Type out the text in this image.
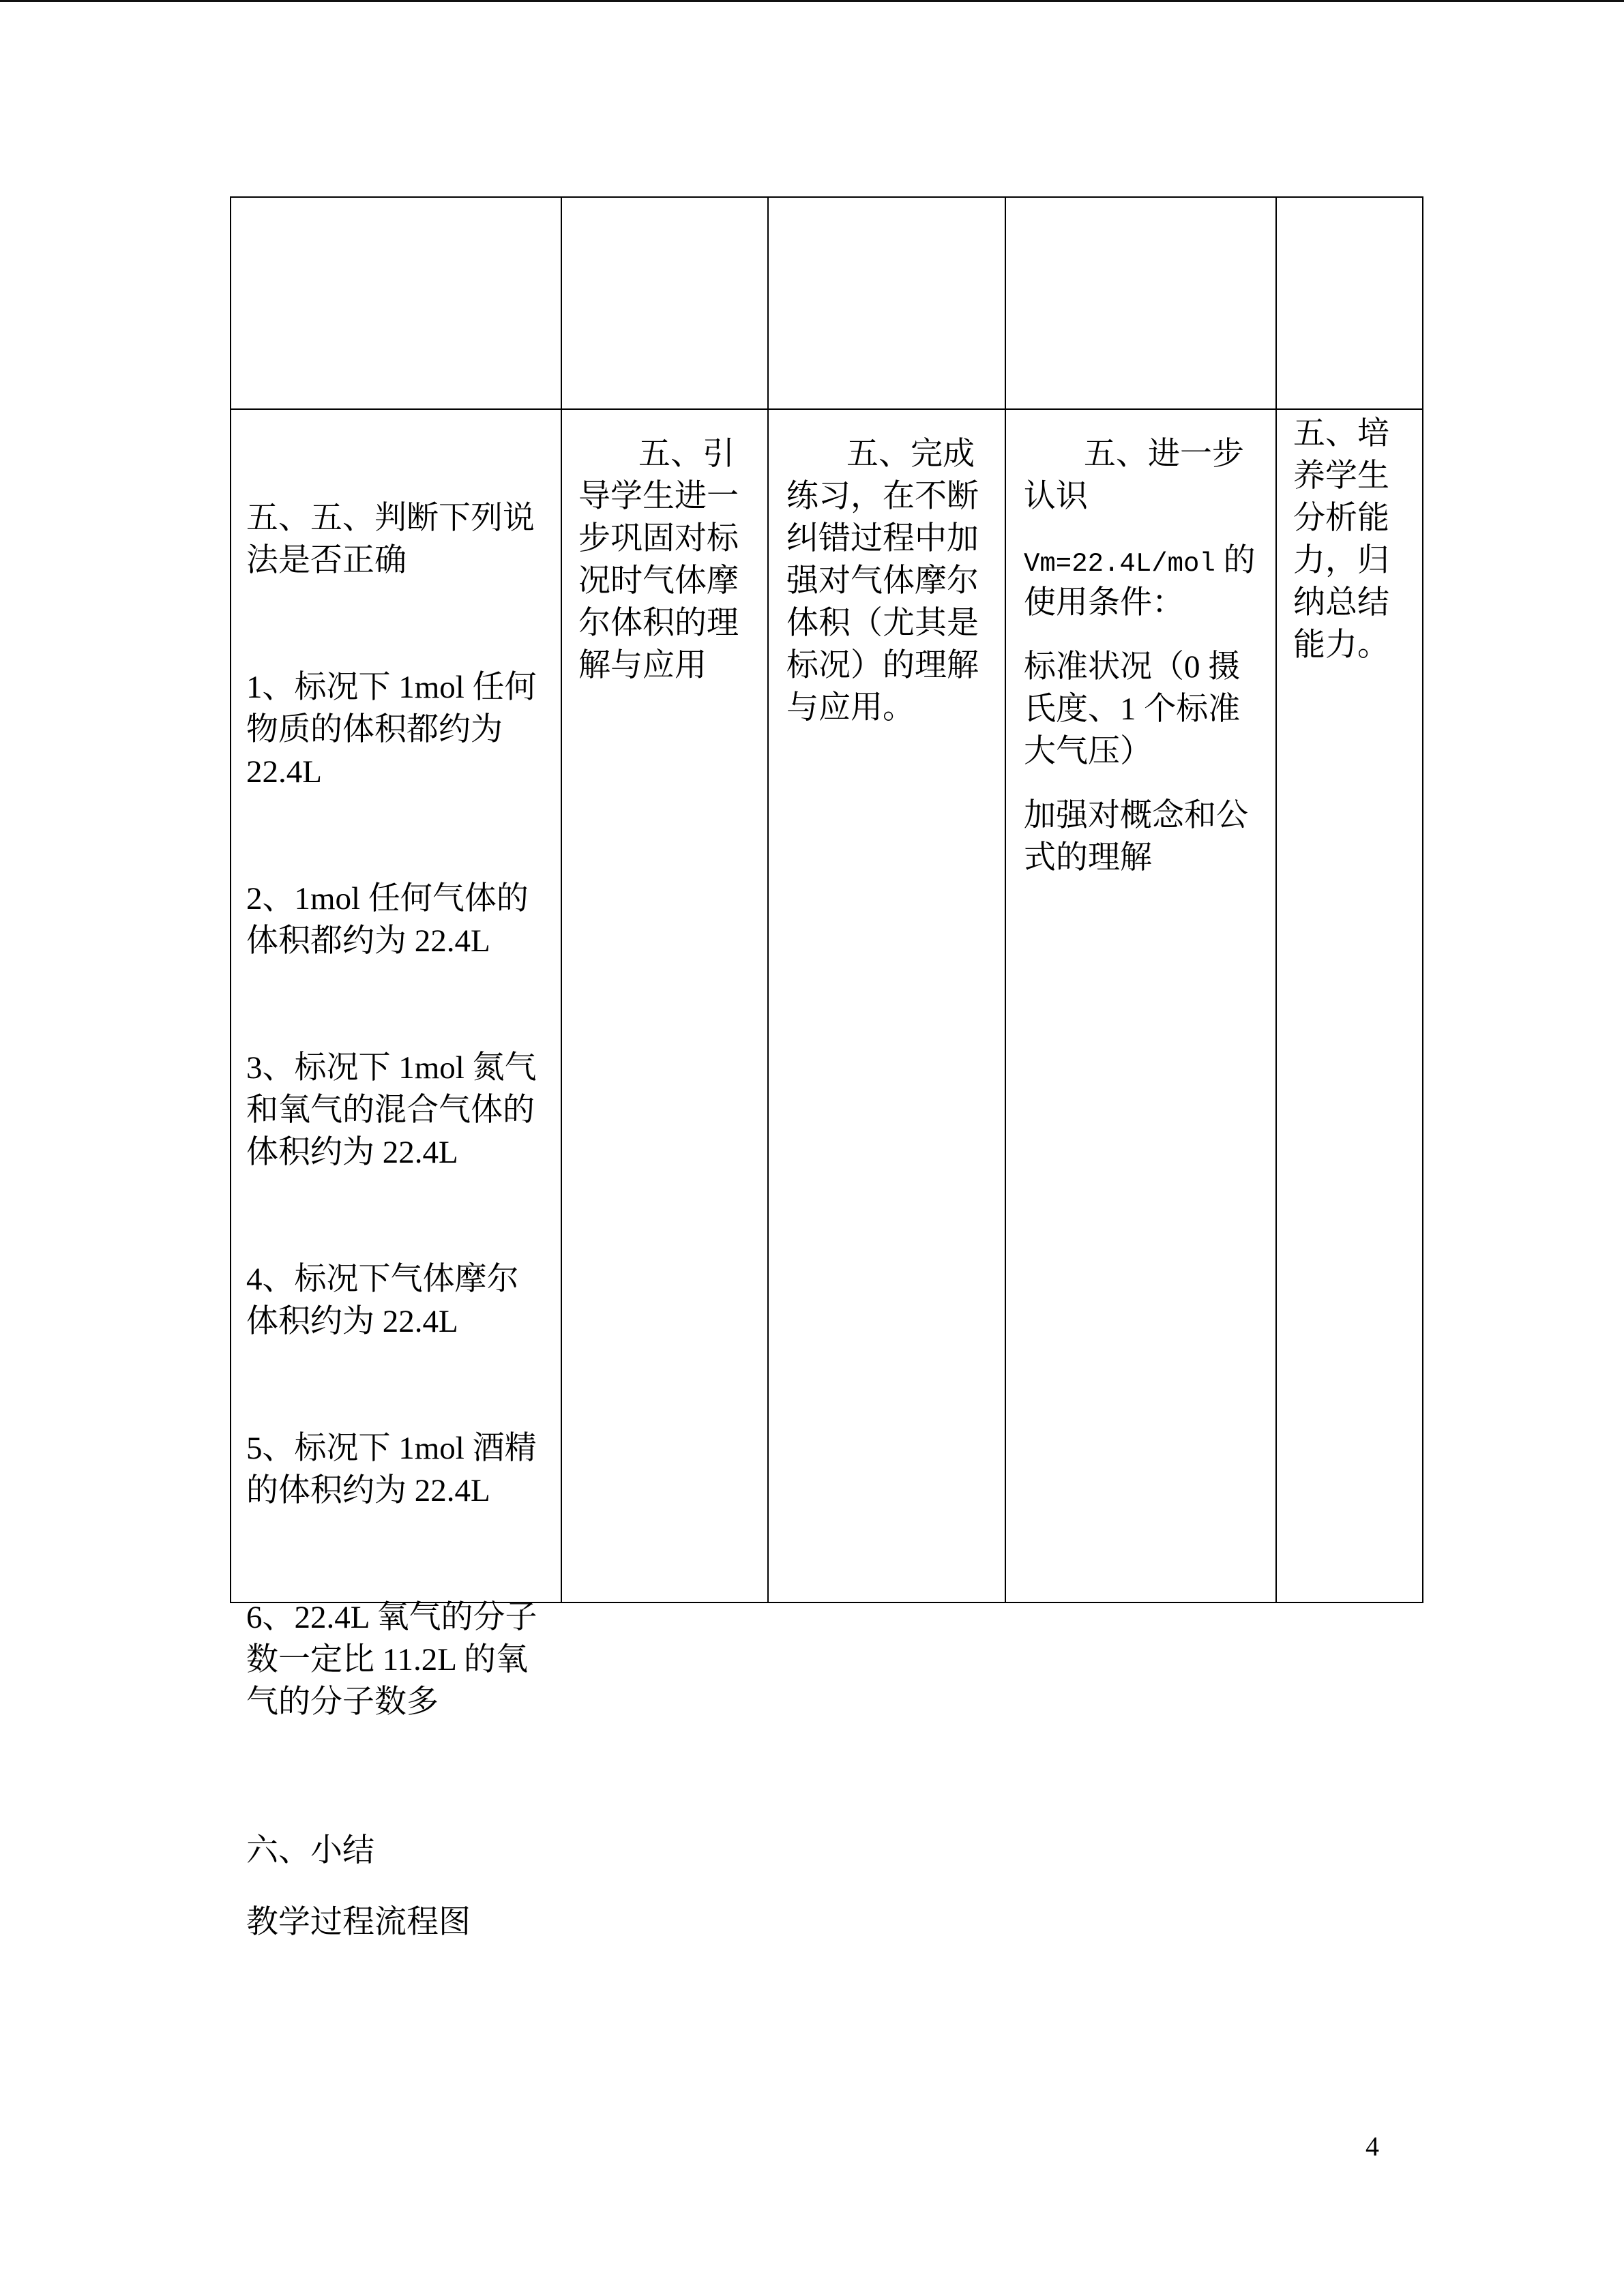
五、五、判断下列说
法是否正确

1、标况下 1mol 任何
物质的体积都约为
22.4L

2、1mol 任何气体的
体积都约为 22.4L

3、标况下 1mol 氮气
和氧气的混合气体的
体积约为 22.4L

4、标况下气体摩尔
体积约为 22.4L

5、标况下 1mol 酒精
的体积约为 22.4L

6、22.4L 氧气的分子
数一定比 11.2L 的氧
气的分子数多

六、小结
五、引
导学生进一
步巩固对标
况时气体摩
尔体积的理
解与应用
五、完成
练习，在不断
纠错过程中加
强对气体摩尔
体积（尤其是
标况）的理解
与应用。
五、进一步
认识
Vm=22.4L/mol 的
使用条件：
标准状况（0 摄
氏度、1 个标准
大气压）
加强对概念和公
式的理解
五、培
养学生
分析能
力，归
纳总结
能力。
教学过程流程图
4
